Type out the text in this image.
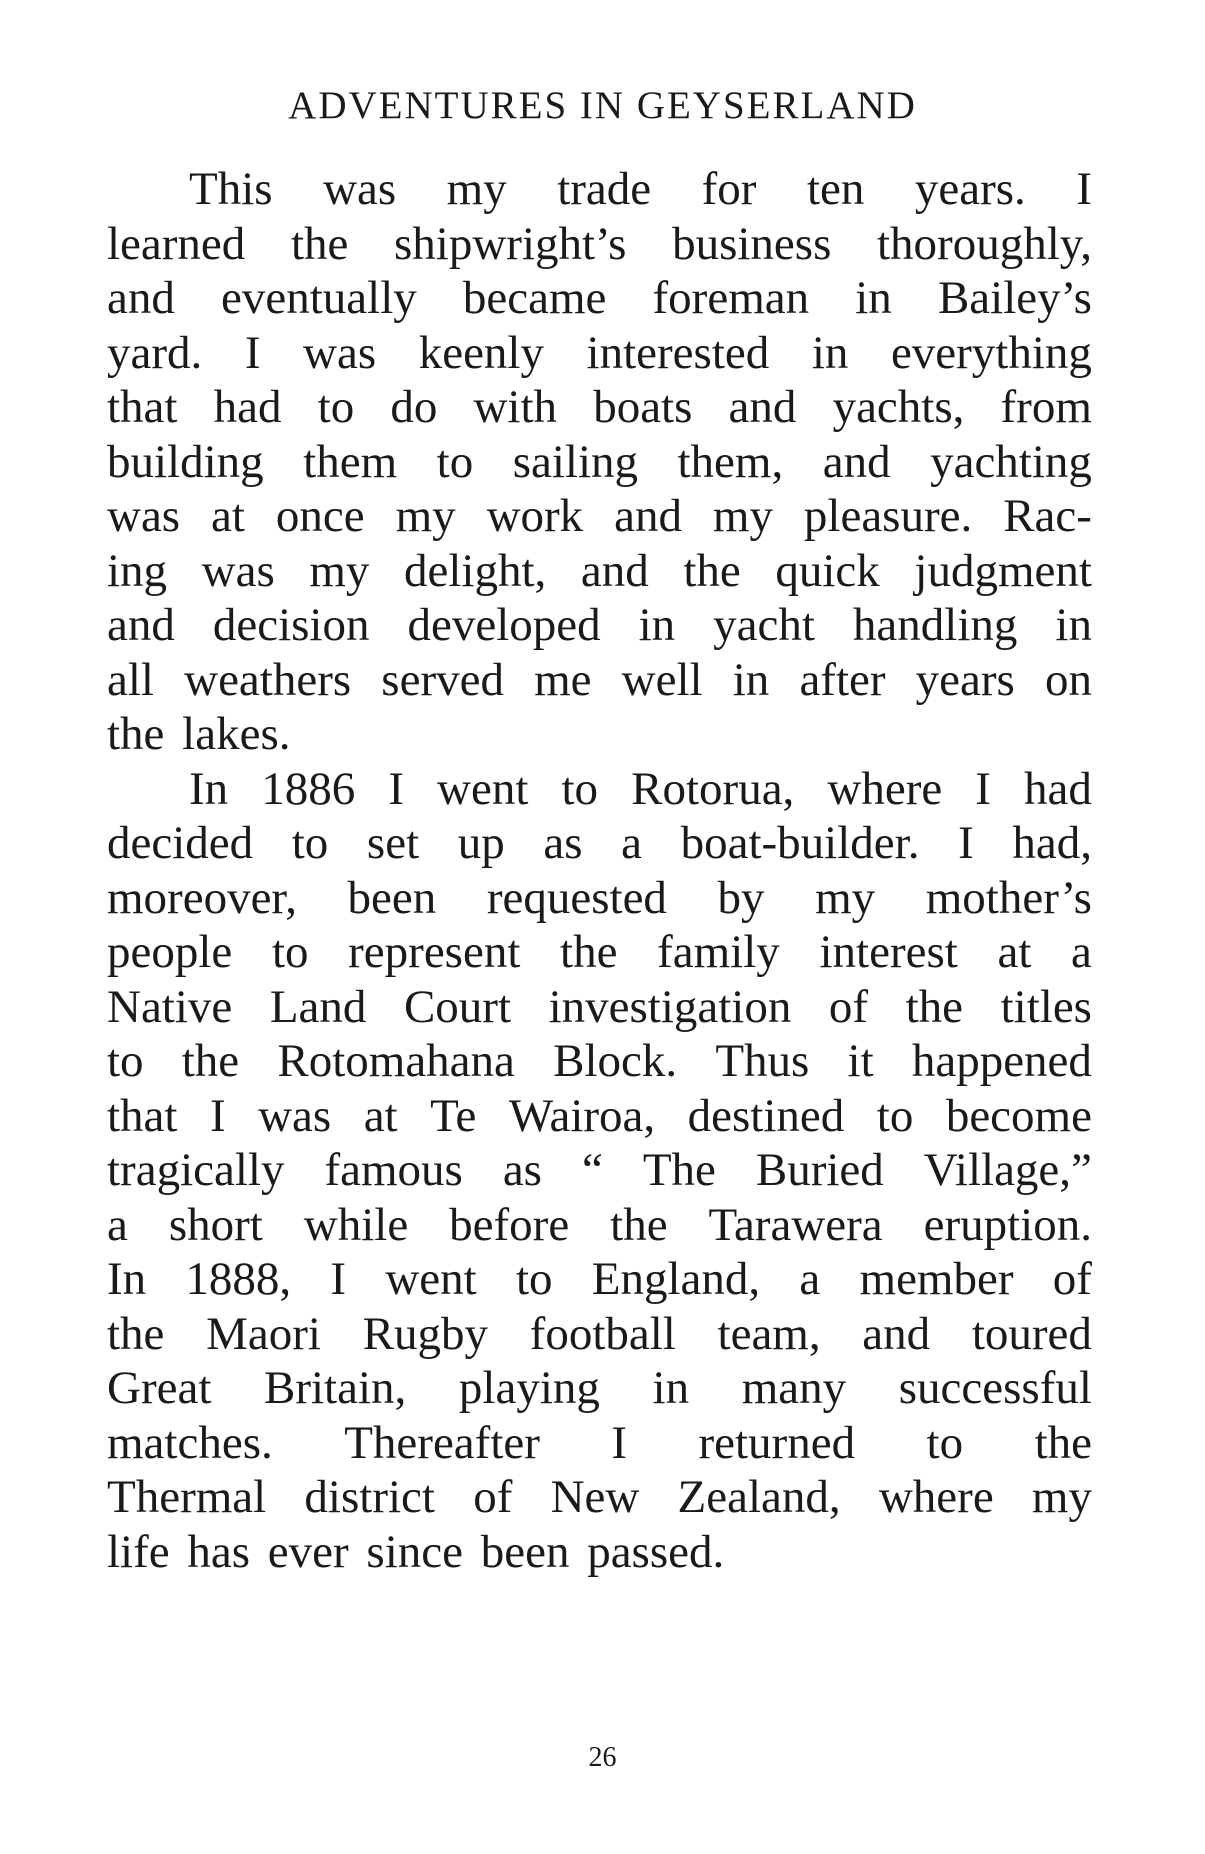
ADVENTURES IN GEYSERLAND
This was my trade for ten years. I
learned the shipwright’s business thoroughly,
and eventually became foreman in Bailey’s
yard. I was keenly interested in everything
that had to do with boats and yachts, from
building them to sailing them, and yachting
was at once my work and my pleasure. Rac-
ing was my delight, and the quick judgment
and decision developed in yacht handling in
all weathers served me well in after years on
the lakes.
In 1886 I went to Rotorua, where I had
decided to set up as a boat-builder. I had,
moreover, been requested by my mother’s
people to represent the family interest at a
Native Land Court investigation of the titles
to the Rotomahana Block. Thus it happened
that I was at Te Wairoa, destined to become
tragically famous as “ The Buried Village,”
a short while before the Tarawera eruption.
In 1888, I went to England, a member of
the Maori Rugby football team, and toured
Great Britain, playing in many successful
matches. Thereafter I returned to the
Thermal district of New Zealand, where my
life has ever since been passed.
26
